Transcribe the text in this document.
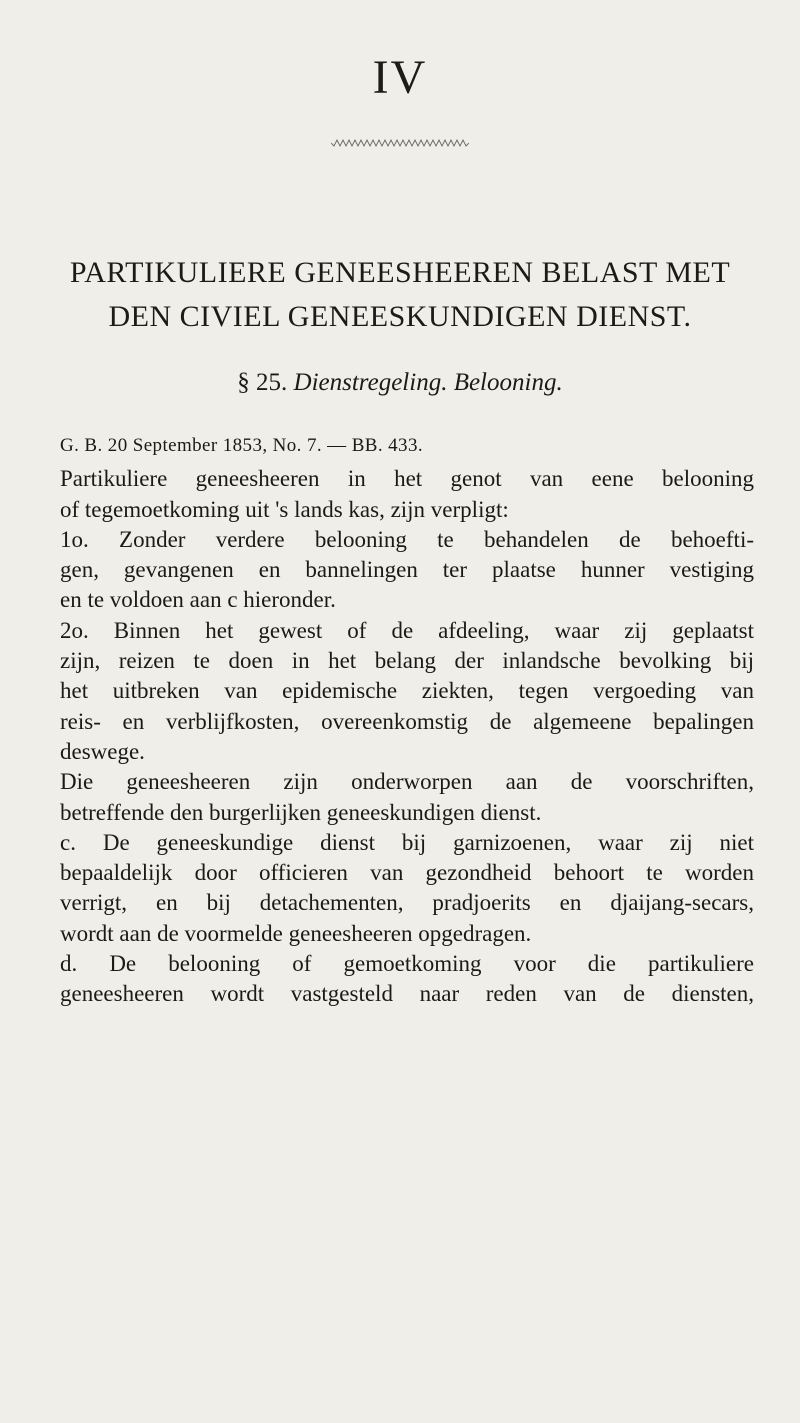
IV
PARTIKULIERE GENEESHEEREN BELAST MET
DEN CIVIEL GENEESKUNDIGEN DIENST.
§ 25. Dienstregeling. Belooning.

G. B. 20 September 1853, No. 7. — BB. 433.

Partikuliere geneesheeren in het genot van eene belooning

of tegemoetkoming uit 's lands kas, zijn verpligt:

1o. Zonder verdere belooning te behandelen de behoefti-

gen, gevangenen en bannelingen ter plaatse hunner vestiging

en te voldoen aan c hieronder.

2o. Binnen het gewest of de afdeeling, waar zij geplaatst

zijn, reizen te doen in het belang der inlandsche bevolking bij

het uitbreken van epidemische ziekten, tegen vergoeding van

reis- en verblijfkosten, overeenkomstig de algemeene bepalingen

deswege.

Die geneesheeren zijn onderworpen aan de voorschriften,

betreffende den burgerlijken geneeskundigen dienst.

c. De geneeskundige dienst bij garnizoenen, waar zij niet

bepaaldelijk door officieren van gezondheid behoort te worden

verrigt, en bij detachementen, pradjoerits en djaijang-secars,

wordt aan de voormelde geneesheeren opgedragen.

d. De belooning of gemoetkoming voor die partikuliere

geneesheeren wordt vastgesteld naar reden van de diensten,
